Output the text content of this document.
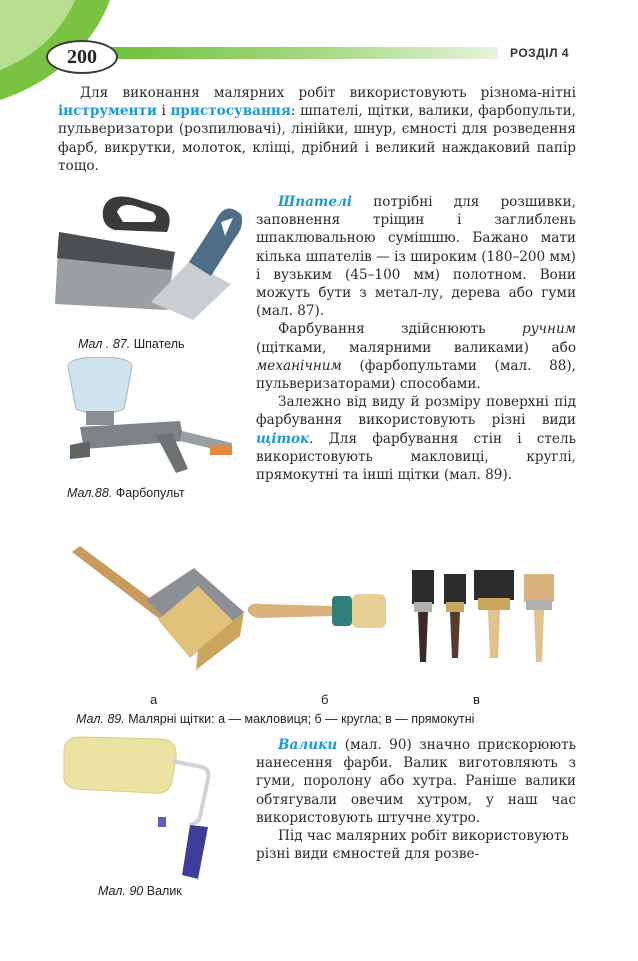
200	РОЗДІЛ 4

Для виконання малярних робіт використовують різнома-нітні інструменти і пристосування: шпателі, щітки, валики, фарбопульти, пульверизатори (розпилювачі), лінійки, шнур, ємності для розведення фарб, викрутки, молоток, кліщі, дрібний і великий наждаковий папір тощо.

Мал . 87. Шпатель
Мал.88. Фарбопульт

Шпателі потрібні для розшивки, заповнення тріщин і заглиблень шпаклювальною сумішшю. Бажано мати кілька шпателів — із широким (180–200 мм) і вузьким (45–100 мм) полотном. Вони можуть бути з метал-лу, дерева або гуми (мал. 87).

Фарбування здійснюють ручним (щітками, малярними валиками) або механічним (фарбопультами (мал. 88), пульверизаторами) способами.

Залежно від виду й розміру поверхні під фарбування використовують різні види щіток. Для фарбування стін і стель використовують макловиці, круглі, прямокутні та інші щітки (мал. 89).

а	б	в
Мал. 89. Малярні щітки: а — макловиця; б — кругла; в — прямокутні
Мал. 90 Валик

Валики (мал. 90) значно прискорюють нанесення фарби. Валик виготовляють з гуми, поролону або хутра. Раніше валики обтягували овечим хутром, у наш час використовують штучне хутро.

Під час малярних робіт використовують різні види ємностей для розве-
